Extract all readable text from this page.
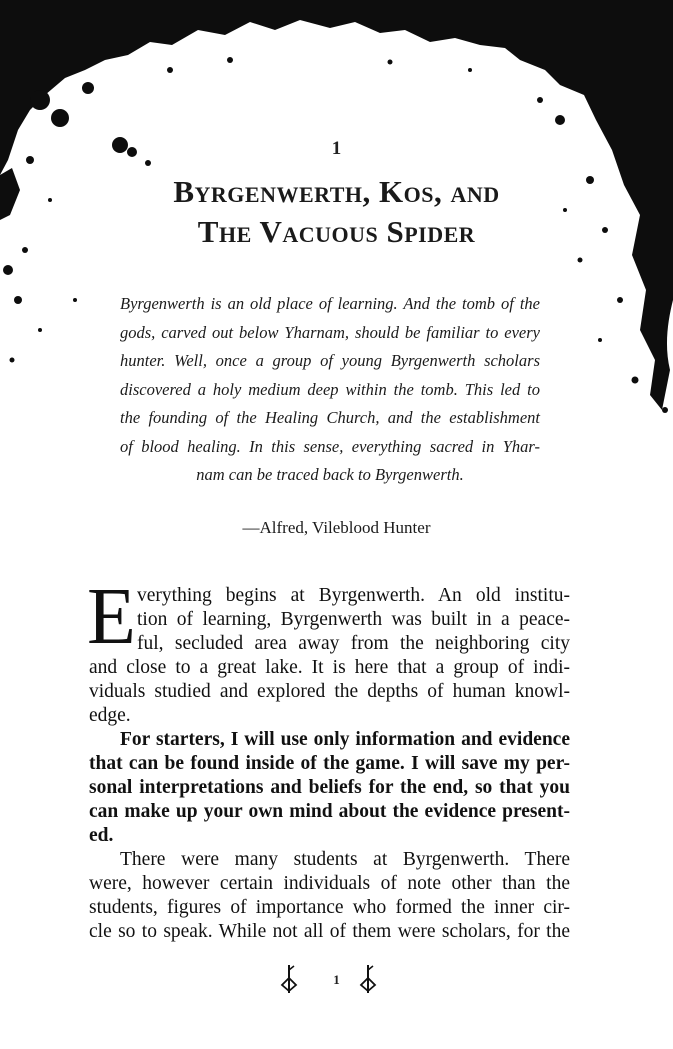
1
Byrgenwerth, Kos, and
The Vacuous Spider
Byrgenwerth is an old place of learning. And the tomb of the
gods, carved out below Yharnam, should be familiar to every
hunter. Well, once a group of young Byrgenwerth scholars
discovered a holy medium deep within the tomb. This led to
the founding of the Healing Church, and the establishment
of blood healing. In this sense, everything sacred in Yhar-
nam can be traced back to Byrgenwerth.
—Alfred, Vileblood Hunter
E verything begins at Byrgenwerth. An old institu-
tion of learning, Byrgenwerth was built in a peace-
ful, secluded area away from the neighboring city
and close to a great lake. It is here that a group of indi-
viduals studied and explored the depths of human knowl-
edge.
For starters, I will use only information and evidence
that can be found inside of the game. I will save my per-
sonal interpretations and beliefs for the end, so that you
can make up your own mind about the evidence present-
ed.
There were many students at Byrgenwerth. There
were, however certain individuals of note other than the
students, figures of importance who formed the inner cir-
cle so to speak. While not all of them were scholars, for the
1
